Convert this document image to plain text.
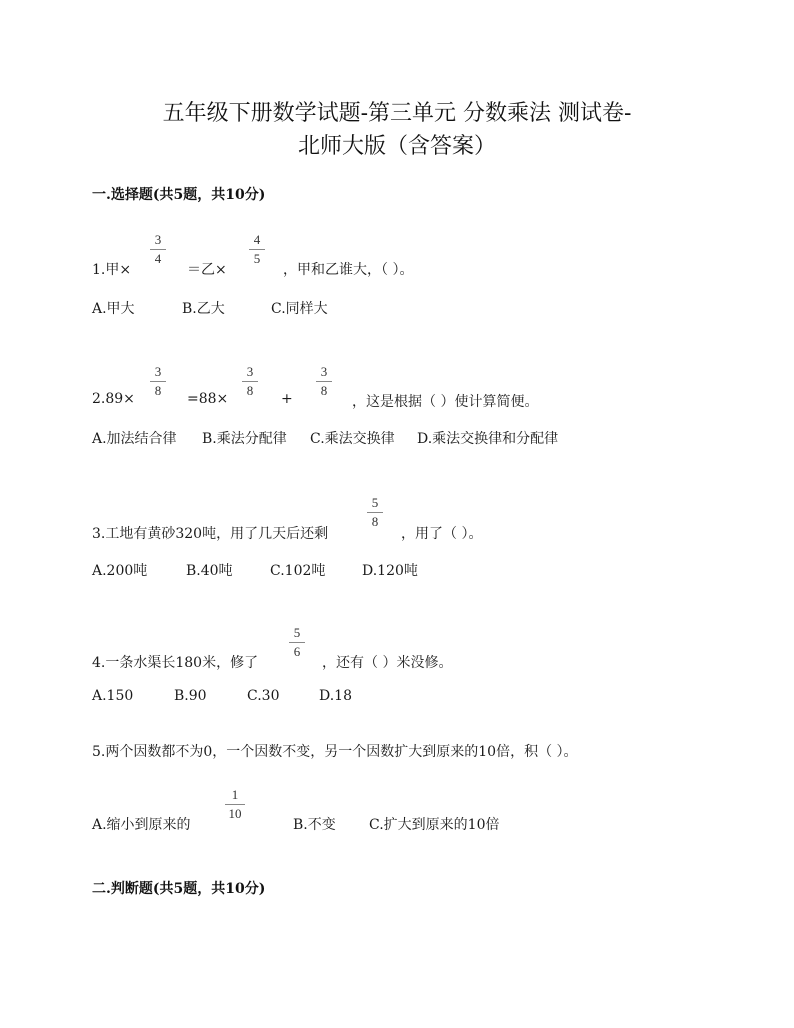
五年级下册数学试题-第三单元 分数乘法 测试卷-
北师大版（含答案）
一.选择题(共5题，共10分)
1.甲×
$\frac{3}{4}$
＝乙×
$\frac{4}{5}$
，甲和乙谁大，（ ）。
A.甲大	B.乙大	C.同样大
$2.89\times \frac{3}{8} =88\times \frac{3}{8} + \frac{3}{8}$
，这是根据（ ）使计算简便。
A.加法结合律 B.乘法分配律 C.乘法交换律 D.乘法交换律和分配律
3.工地有黄砂320吨，用了几天后还剩
$\frac{5}{8}$
，用了（ ）。
A.200吨	B.40吨	C.102吨	D.120吨
4.一条水渠长180米，修了
$\frac{5}{6}$
，还有（ ）米没修。
A.150	B.90	C.30	D.18
5.两个因数都不为0，一个因数不变，另一个因数扩大到原来的10倍，积（ ）。
A.缩小到原来的
$\frac{1}{10}$
B.不变 C.扩大到原来的10倍
二.判断题(共5题，共10分)
